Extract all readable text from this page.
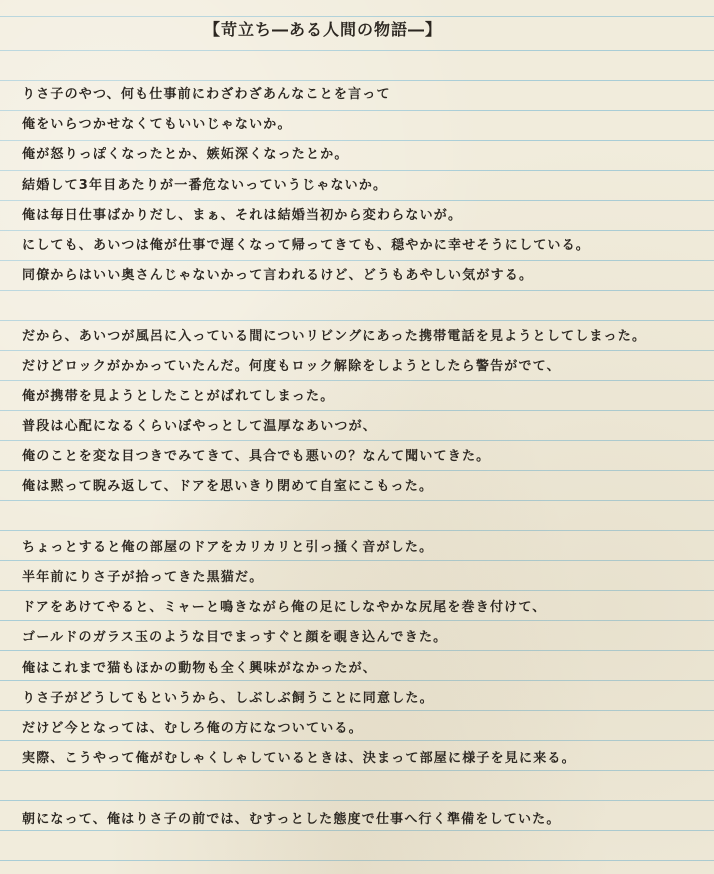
【苛立ち―ある人間の物語―】
りさ子のやつ、何も仕事前にわざわざあんなことを言って
俺をいらつかせなくてもいいじゃないか。
俺が怒りっぽくなったとか、嫉妬深くなったとか。
結婚して3年目あたりが一番危ないっていうじゃないか。
俺は毎日仕事ばかりだし、まぁ、それは結婚当初から変わらないが。
にしても、あいつは俺が仕事で遅くなって帰ってきても、穏やかに幸せそうにしている。
同僚からはいい奥さんじゃないかって言われるけど、どうもあやしい気がする。
だから、あいつが風呂に入っている間についリビングにあった携帯電話を見ようとしてしまった。
だけどロックがかかっていたんだ。何度もロック解除をしようとしたら警告がでて、
俺が携帯を見ようとしたことがばれてしまった。
普段は心配になるくらいぼやっとして温厚なあいつが、
俺のことを変な目つきでみてきて、具合でも悪いの？なんて聞いてきた。
俺は黙って睨み返して、ドアを思いきり閉めて自室にこもった。
ちょっとすると俺の部屋のドアをカリカリと引っ掻く音がした。
半年前にりさ子が拾ってきた黒猫だ。
ドアをあけてやると、ミャーと鳴きながら俺の足にしなやかな尻尾を巻き付けて、
ゴールドのガラス玉のような目でまっすぐと顔を覗き込んできた。
俺はこれまで猫もほかの動物も全く興味がなかったが、
りさ子がどうしてもというから、しぶしぶ飼うことに同意した。
だけど今となっては、むしろ俺の方になついている。
実際、こうやって俺がむしゃくしゃしているときは、決まって部屋に様子を見に来る。
朝になって、俺はりさ子の前では、むすっとした態度で仕事へ行く準備をしていた。
